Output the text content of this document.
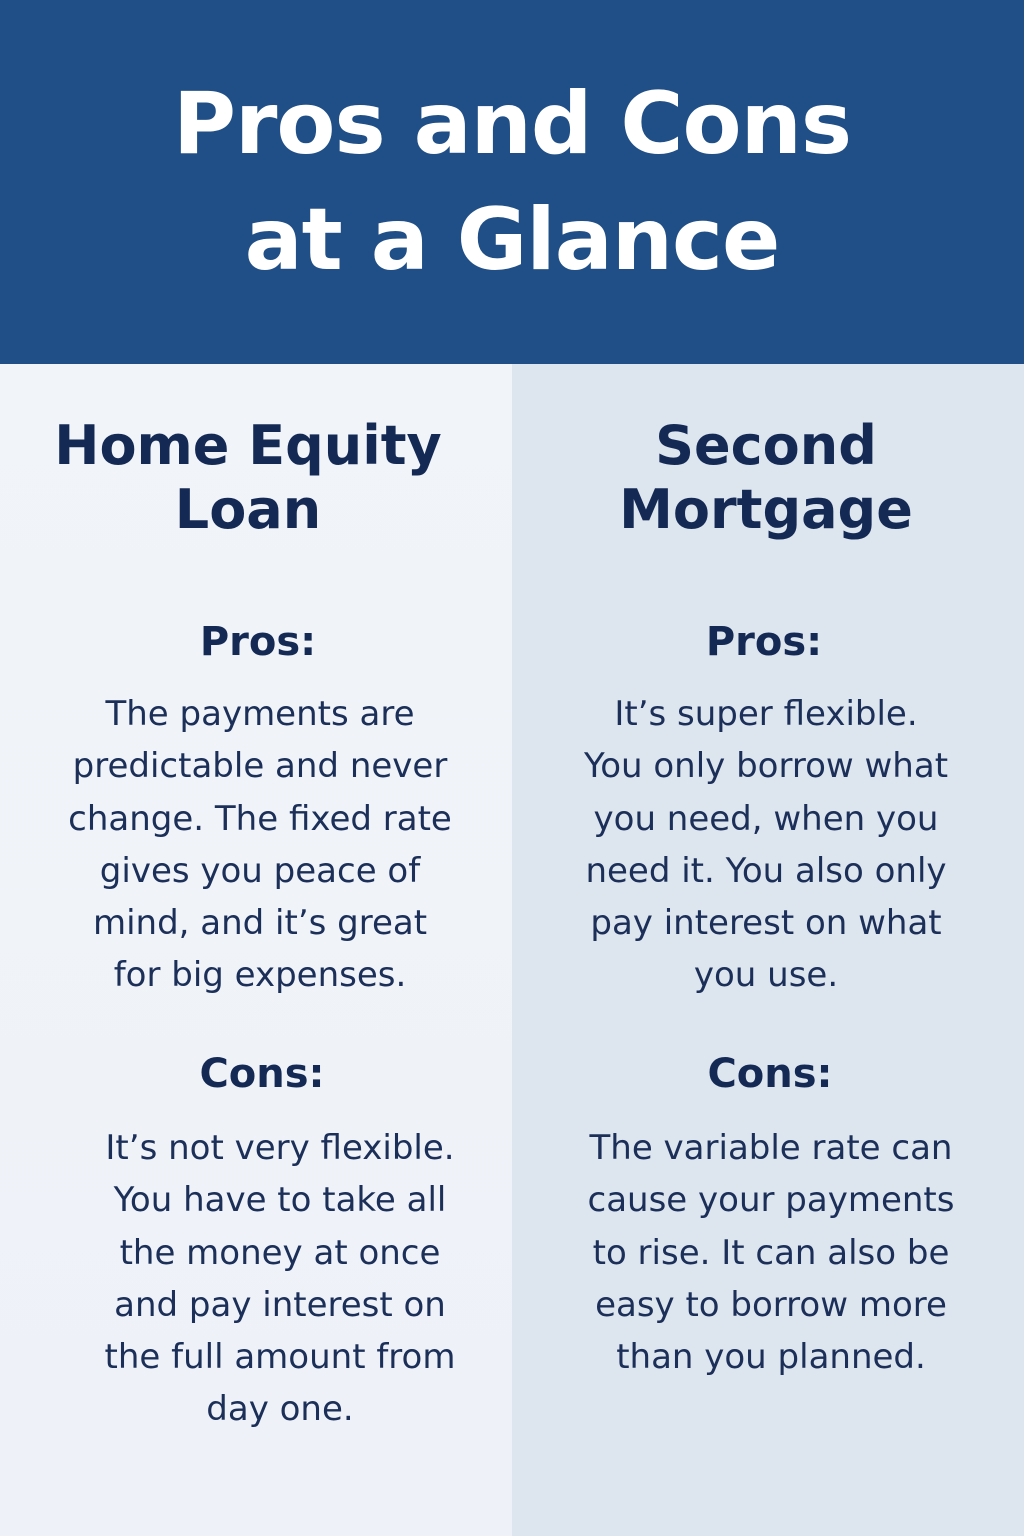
Pros and Cons
at a Glance
Home Equity
Loan
Pros:

The payments are
predictable and never
change. The fixed rate
gives you peace of
mind, and it’s great
for big expenses.

Cons:

It’s not very flexible.
You have to take all
the money at once
and pay interest on
the full amount from
day one.

Second
Mortgage
Pros:

It’s super flexible.
You only borrow what
you need, when you
need it. You also only
pay interest on what
you use.

Cons:

The variable rate can
cause your payments
to rise. It can also be
easy to borrow more
than you planned.
